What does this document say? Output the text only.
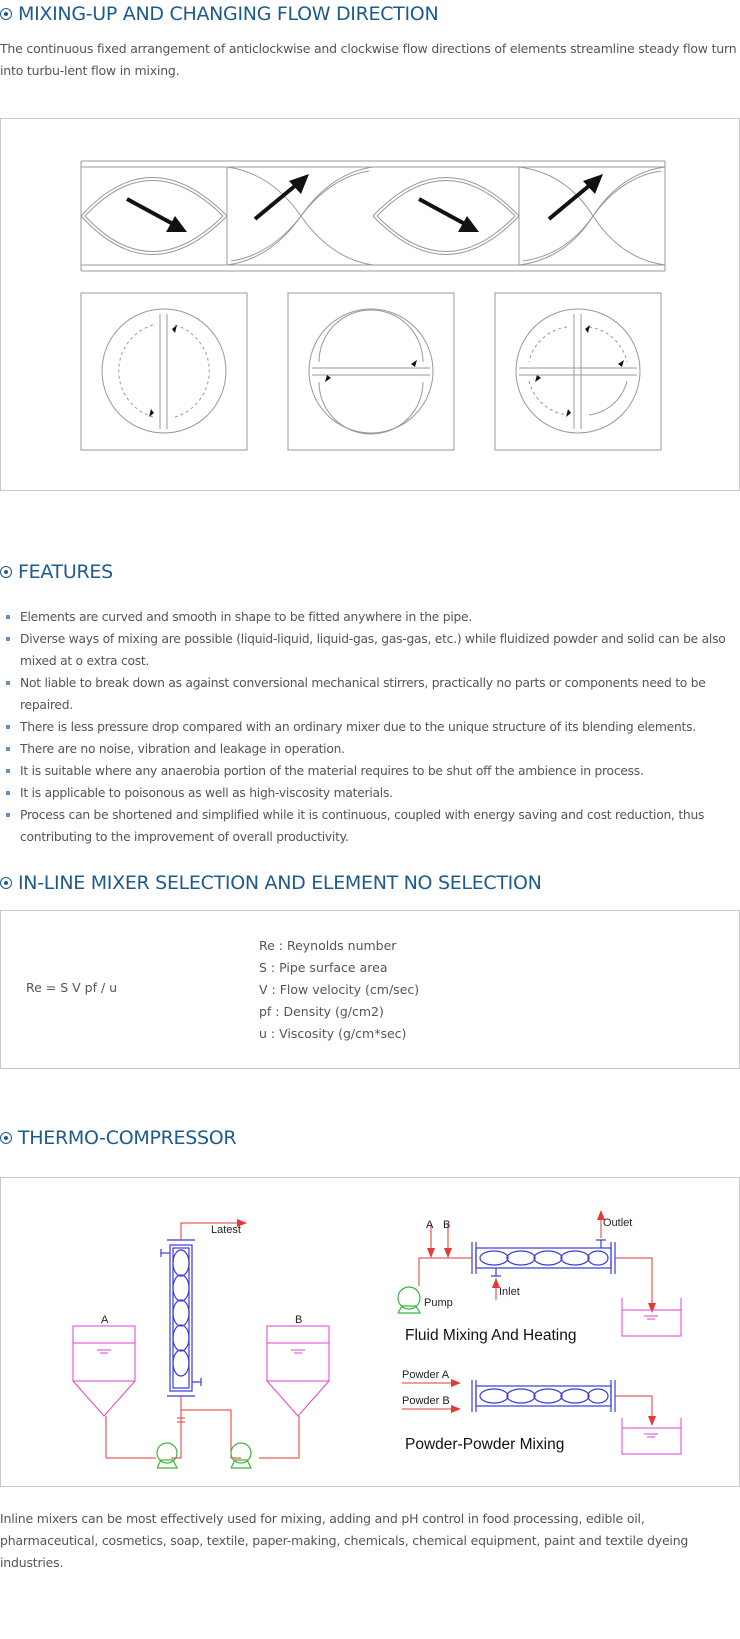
MIXING-UP AND CHANGING FLOW DIRECTION
The continuous fixed arrangement of anticlockwise and clockwise flow directions of elements streamline steady flow turn into turbu-lent flow in mixing.
FEATURES
Elements are curved and smooth in shape to be fitted anywhere in the pipe.
Diverse ways of mixing are possible (liquid-liquid, liquid-gas, gas-gas, etc.) while fluidized powder and solid can be also mixed at o extra cost.
Not liable to break down as against conversional mechanical stirrers, practically no parts or components need to be repaired.
There is less pressure drop compared with an ordinary mixer due to the unique structure of its blending elements.
There are no noise, vibration and leakage in operation.
It is suitable where any anaerobia portion of the material requires to be shut off the ambience in process.
It is applicable to poisonous as well as high-viscosity materials.
Process can be shortened and simplified while it is continuous, coupled with energy saving and cost reduction, thus contributing to the improvement of overall productivity.
IN-LINE MIXER SELECTION AND ELEMENT NO SELECTION
Re = S V pf / u
Re : Reynolds number
S : Pipe surface area
V : Flow velocity (cm/sec)
pf : Density (g/cm2)
u : Viscosity (g/cm*sec)
THERMO-COMPRESSOR
Latest
A	B
A B	Outlet
Pump
Inlet
Fluid Mixing And Heating
Powder A
Powder B
Powder-Powder Mixing
Inline mixers can be most effectively used for mixing, adding and pH control in food processing, edible oil, pharmaceutical, cosmetics, soap, textile, paper-making, chemicals, chemical equipment, paint and textile dyeing industries.
